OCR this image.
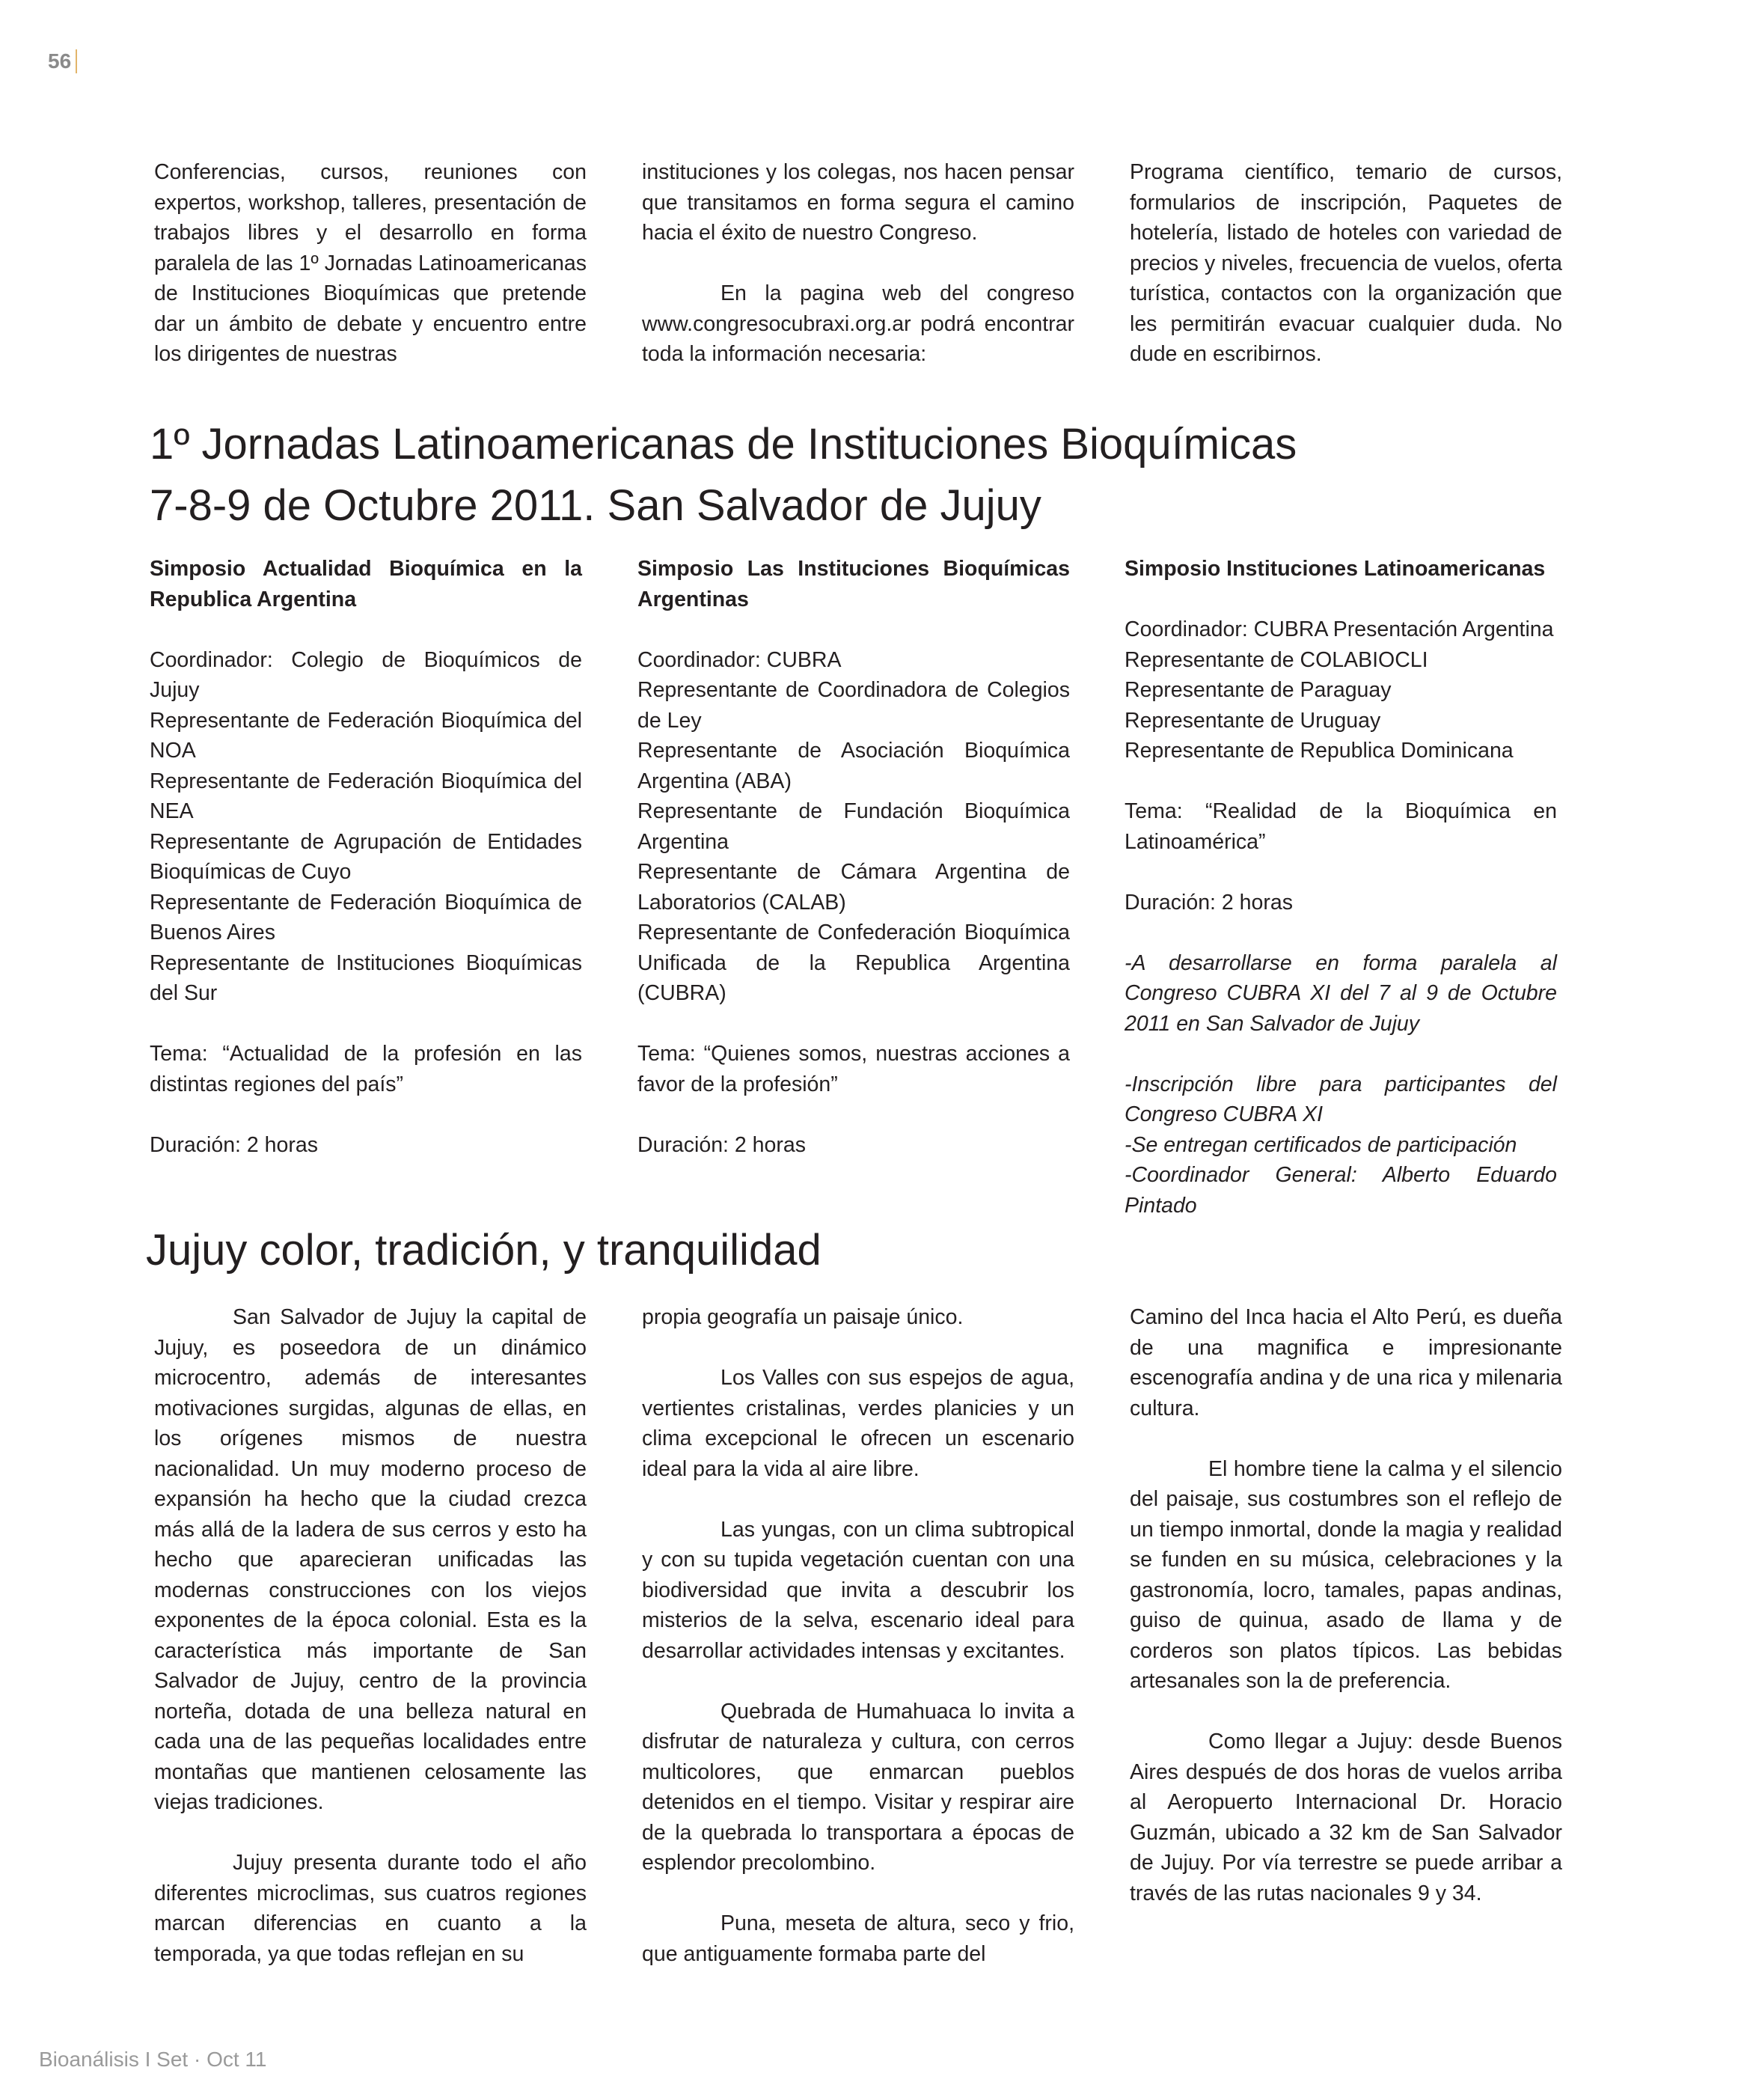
56

Conferencias, cursos, reuniones con expertos, workshop, talleres, presentación de trabajos libres y el desarrollo en forma paralela de las 1º Jornadas Latinoamericanas de Instituciones Bioquímicas que pretende dar un ámbito de debate y encuentro entre los dirigentes de nuestras

instituciones y los colegas, nos hacen pensar que transitamos en forma segura el camino hacia el éxito de nuestro Congreso.

En la pagina web del congreso www.congresocubraxi.org.ar podrá encontrar toda la información necesaria:

Programa científico, temario de cursos, formularios de inscripción, Paquetes de hotelería, listado de hoteles con variedad de precios y niveles, frecuencia de vuelos, oferta turística, contactos con la organización que les permitirán evacuar cualquier duda. No dude en escribirnos.

1º Jornadas Latinoamericanas de Instituciones Bioquímicas
7-8-9 de Octubre 2011. San Salvador de Jujuy

Simposio Actualidad Bioquímica en la Republica Argentina

Coordinador: Colegio de Bioquímicos de Jujuy

Representante de Federación Bioquímica del NOA

Representante de Federación Bioquímica del NEA

Representante de Agrupación de Entidades Bioquímicas de Cuyo

Representante de Federación Bioquímica de Buenos Aires

Representante de Instituciones Bioquímicas del Sur

Tema: “Actualidad de la profesión en las distintas regiones del país”

Duración: 2 horas

Simposio Las Instituciones Bioquímicas Argentinas

Coordinador: CUBRA

Representante de Coordinadora de Colegios de Ley

Representante de Asociación Bioquímica Argentina (ABA)

Representante de Fundación Bioquímica Argentina

Representante de Cámara Argentina de Laboratorios (CALAB)

Representante de Confederación Bioquímica Unificada de la Republica Argentina (CUBRA)

Tema: “Quienes somos, nuestras acciones a favor de la profesión”

Duración: 2 horas

Simposio Instituciones Latinoamericanas

Coordinador: CUBRA Presentación Argentina

Representante de COLABIOCLI

Representante de Paraguay

Representante de Uruguay

Representante de Republica Dominicana

Tema: “Realidad de la Bioquímica en Latinoamérica”

Duración: 2 horas

-A desarrollarse en forma paralela al Congreso CUBRA XI del 7 al 9 de Octubre 2011 en San Salvador de Jujuy

-Inscripción libre para participantes del Congreso CUBRA XI

-Se entregan certificados de participación

-Coordinador General: Alberto Eduardo Pintado

Jujuy color, tradición, y tranquilidad

San Salvador de Jujuy la capital de Jujuy, es poseedora de un dinámico microcentro, además de interesantes motivaciones surgidas, algunas de ellas, en los orígenes mismos de nuestra nacionalidad. Un muy moderno proceso de expansión ha hecho que la ciudad crezca más allá de la ladera de sus cerros y esto ha hecho que aparecieran unificadas las modernas construcciones con los viejos exponentes de la época colonial. Esta es la característica más importante de San Salvador de Jujuy, centro de la provincia norteña, dotada de una belleza natural en cada una de las pequeñas localidades entre montañas que mantienen celosamente las viejas tradiciones.

Jujuy presenta durante todo el año diferentes microclimas, sus cuatros regiones marcan diferencias en cuanto a la temporada, ya que todas reflejan en su

propia geografía un paisaje único.

Los Valles con sus espejos de agua, vertientes cristalinas, verdes planicies y un clima excepcional le ofrecen un escenario ideal para la vida al aire libre.

Las yungas, con un clima subtropical y con su tupida vegetación cuentan con una biodiversidad que invita a descubrir los misterios de la selva, escenario ideal para desarrollar actividades intensas y excitantes.

Quebrada de Humahuaca lo invita a disfrutar de naturaleza y cultura, con cerros multicolores, que enmarcan pueblos detenidos en el tiempo. Visitar y respirar aire de la quebrada lo transportara a épocas de esplendor precolombino.

Puna, meseta de altura, seco y frio, que antiguamente formaba parte del

Camino del Inca hacia el Alto Perú, es dueña de una magnifica e impresionante escenografía andina y de una rica y milenaria cultura.

El hombre tiene la calma y el silencio del paisaje, sus costumbres son el reflejo de un tiempo inmortal, donde la magia y realidad se funden en su música, celebraciones y la gastronomía, locro, tamales, papas andinas, guiso de quinua, asado de llama y de corderos son platos típicos. Las bebidas artesanales son la de preferencia.

Como llegar a Jujuy: desde Buenos Aires después de dos horas de vuelos arriba al Aeropuerto Internacional Dr. Horacio Guzmán, ubicado a 32 km de San Salvador de Jujuy. Por vía terrestre se puede arribar a través de las rutas nacionales 9 y 34.

Bioanálisis I Set · Oct 11
